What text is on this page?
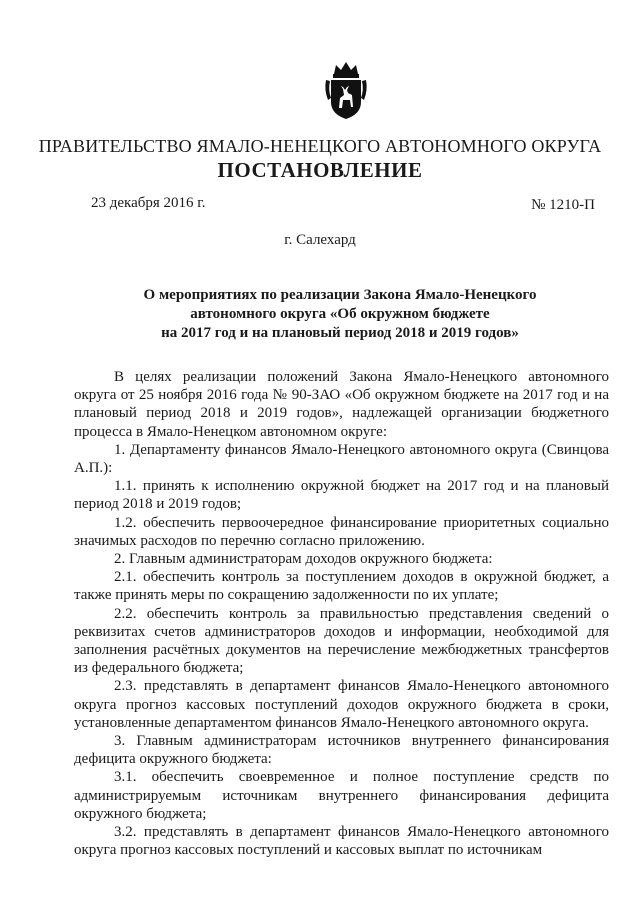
ПРАВИТЕЛЬСТВО ЯМАЛО-НЕНЕЦКОГО АВТОНОМНОГО ОКРУГА
ПОСТАНОВЛЕНИЕ
23 декабря 2016 г.	№ 1210-П
г. Салехард
О мероприятиях по реализации Закона Ямало-Ненецкого
автономного округа «Об окружном бюджете
на 2017 год и на плановый период 2018 и 2019 годов»

В целях реализации положений Закона Ямало-Ненецкого автономного округа от 25 ноября 2016 года № 90-ЗАО «Об окружном бюджете на 2017 год и на плановый период 2018 и 2019 годов», надлежащей организации бюджетного процесса в Ямало-Ненецком автономном округе:

1. Департаменту финансов Ямало-Ненецкого автономного округа (Свинцова А.П.):

1.1. принять к исполнению окружной бюджет на 2017 год и на плановый период 2018 и 2019 годов;

1.2. обеспечить первоочередное финансирование приоритетных социально значимых расходов по перечню согласно приложению.

2. Главным администраторам доходов окружного бюджета:

2.1. обеспечить контроль за поступлением доходов в окружной бюджет, а также принять меры по сокращению задолженности по их уплате;

2.2. обеспечить контроль за правильностью представления сведений о реквизитах счетов администраторов доходов и информации, необходимой для заполнения расчётных документов на перечисление межбюджетных трансфертов из федерального бюджета;

2.3. представлять в департамент финансов Ямало-Ненецкого автономного округа прогноз кассовых поступлений доходов окружного бюджета в сроки, установленные департаментом финансов Ямало-Ненецкого автономного округа.

3. Главным администраторам источников внутреннего финансирования дефицита окружного бюджета:

3.1. обеспечить своевременное и полное поступление средств по администрируемым источникам внутреннего финансирования дефицита окружного бюджета;

3.2. представлять в департамент финансов Ямало-Ненецкого автономного округа прогноз кассовых поступлений и кассовых выплат по источникам
